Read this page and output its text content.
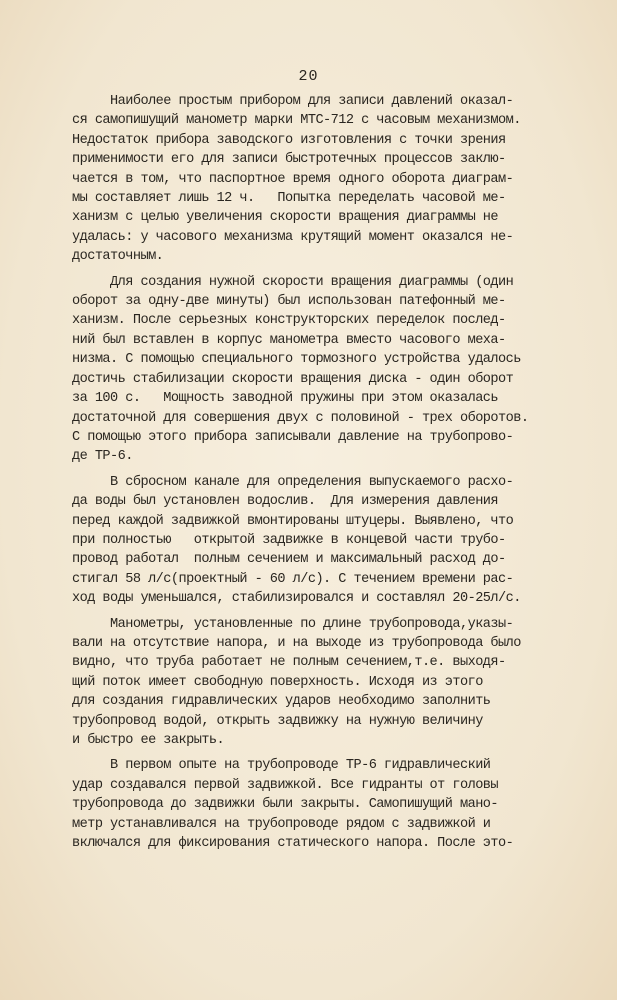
20
Наиболее простым прибором для записи давлений оказал-
ся самопишущий манометр марки МТС-712 с часовым механизмом.
Недостаток прибора заводского изготовления с точки зрения
применимости его для записи быстротечных процессов заклю-
чается в том, что паспортное время одного оборота диаграм-
мы составляет лишь 12 ч.   Попытка переделать часовой ме-
ханизм с целью увеличения скорости вращения диаграммы не
удалась: у часового механизма крутящий момент оказался не-
достаточным.
Для создания нужной скорости вращения диаграммы (один
оборот за одну-две минуты) был использован патефонный ме-
ханизм. После серьезных конструкторских переделок послед-
ний был вставлен в корпус манометра вместо часового меха-
низма. С помощью специального тормозного устройства удалось
достичь стабилизации скорости вращения диска - один оборот
за 100 с.   Мощность заводной пружины при этом оказалась
достаточной для совершения двух с половиной - трех оборотов.
С помощью этого прибора записывали давление на трубопрово-
де ТР-6.
В сбросном канале для определения выпускаемого расхо-
да воды был установлен водослив.  Для измерения давления
перед каждой задвижкой вмонтированы штуцеры. Выявлено, что
при полностью   открытой задвижке в концевой части трубо-
провод работал  полным сечением и максимальный расход до-
стигал 58 л/с(проектный - 60 л/с). С течением времени рас-
ход воды уменьшался, стабилизировался и составлял 20-25л/с.
Манометры, установленные по длине трубопровода,указы-
вали на отсутствие напора, и на выходе из трубопровода было
видно, что труба работает не полным сечением,т.е. выходя-
щий поток имеет свободную поверхность. Исходя из этого
для создания гидравлических ударов необходимо заполнить
трубопровод водой, открыть задвижку на нужную величину
и быстро ее закрыть.
В первом опыте на трубопроводе ТР-6 гидравлический
удар создавался первой задвижкой. Все гидранты от головы
трубопровода до задвижки были закрыты. Самопишущий мано-
метр устанавливался на трубопроводе рядом с задвижкой и
включался для фиксирования статического напора. После это-
